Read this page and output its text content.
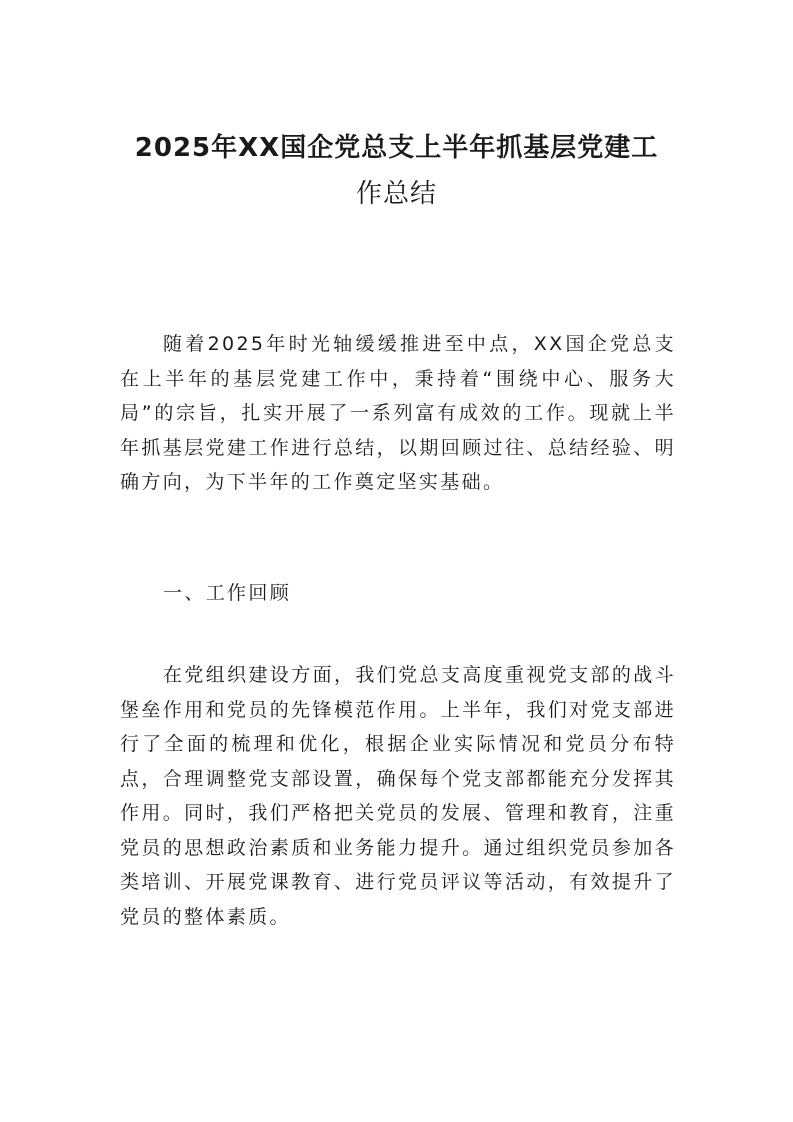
2025年XX国企党总支上半年抓基层党建工
作总结

随着2025年时光轴缓缓推进至中点，XX国企党总支在上半年的基层党建工作中，秉持着“围绕中心、服务大局”的宗旨，扎实开展了一系列富有成效的工作。现就上半年抓基层党建工作进行总结，以期回顾过往、总结经验、明确方向，为下半年的工作奠定坚实基础。

一、工作回顾

在党组织建设方面，我们党总支高度重视党支部的战斗堡垒作用和党员的先锋模范作用。上半年，我们对党支部进行了全面的梳理和优化，根据企业实际情况和党员分布特点，合理调整党支部设置，确保每个党支部都能充分发挥其作用。同时，我们严格把关党员的发展、管理和教育，注重党员的思想政治素质和业务能力提升。通过组织党员参加各类培训、开展党课教育、进行党员评议等活动，有效提升了党员的整体素质。
